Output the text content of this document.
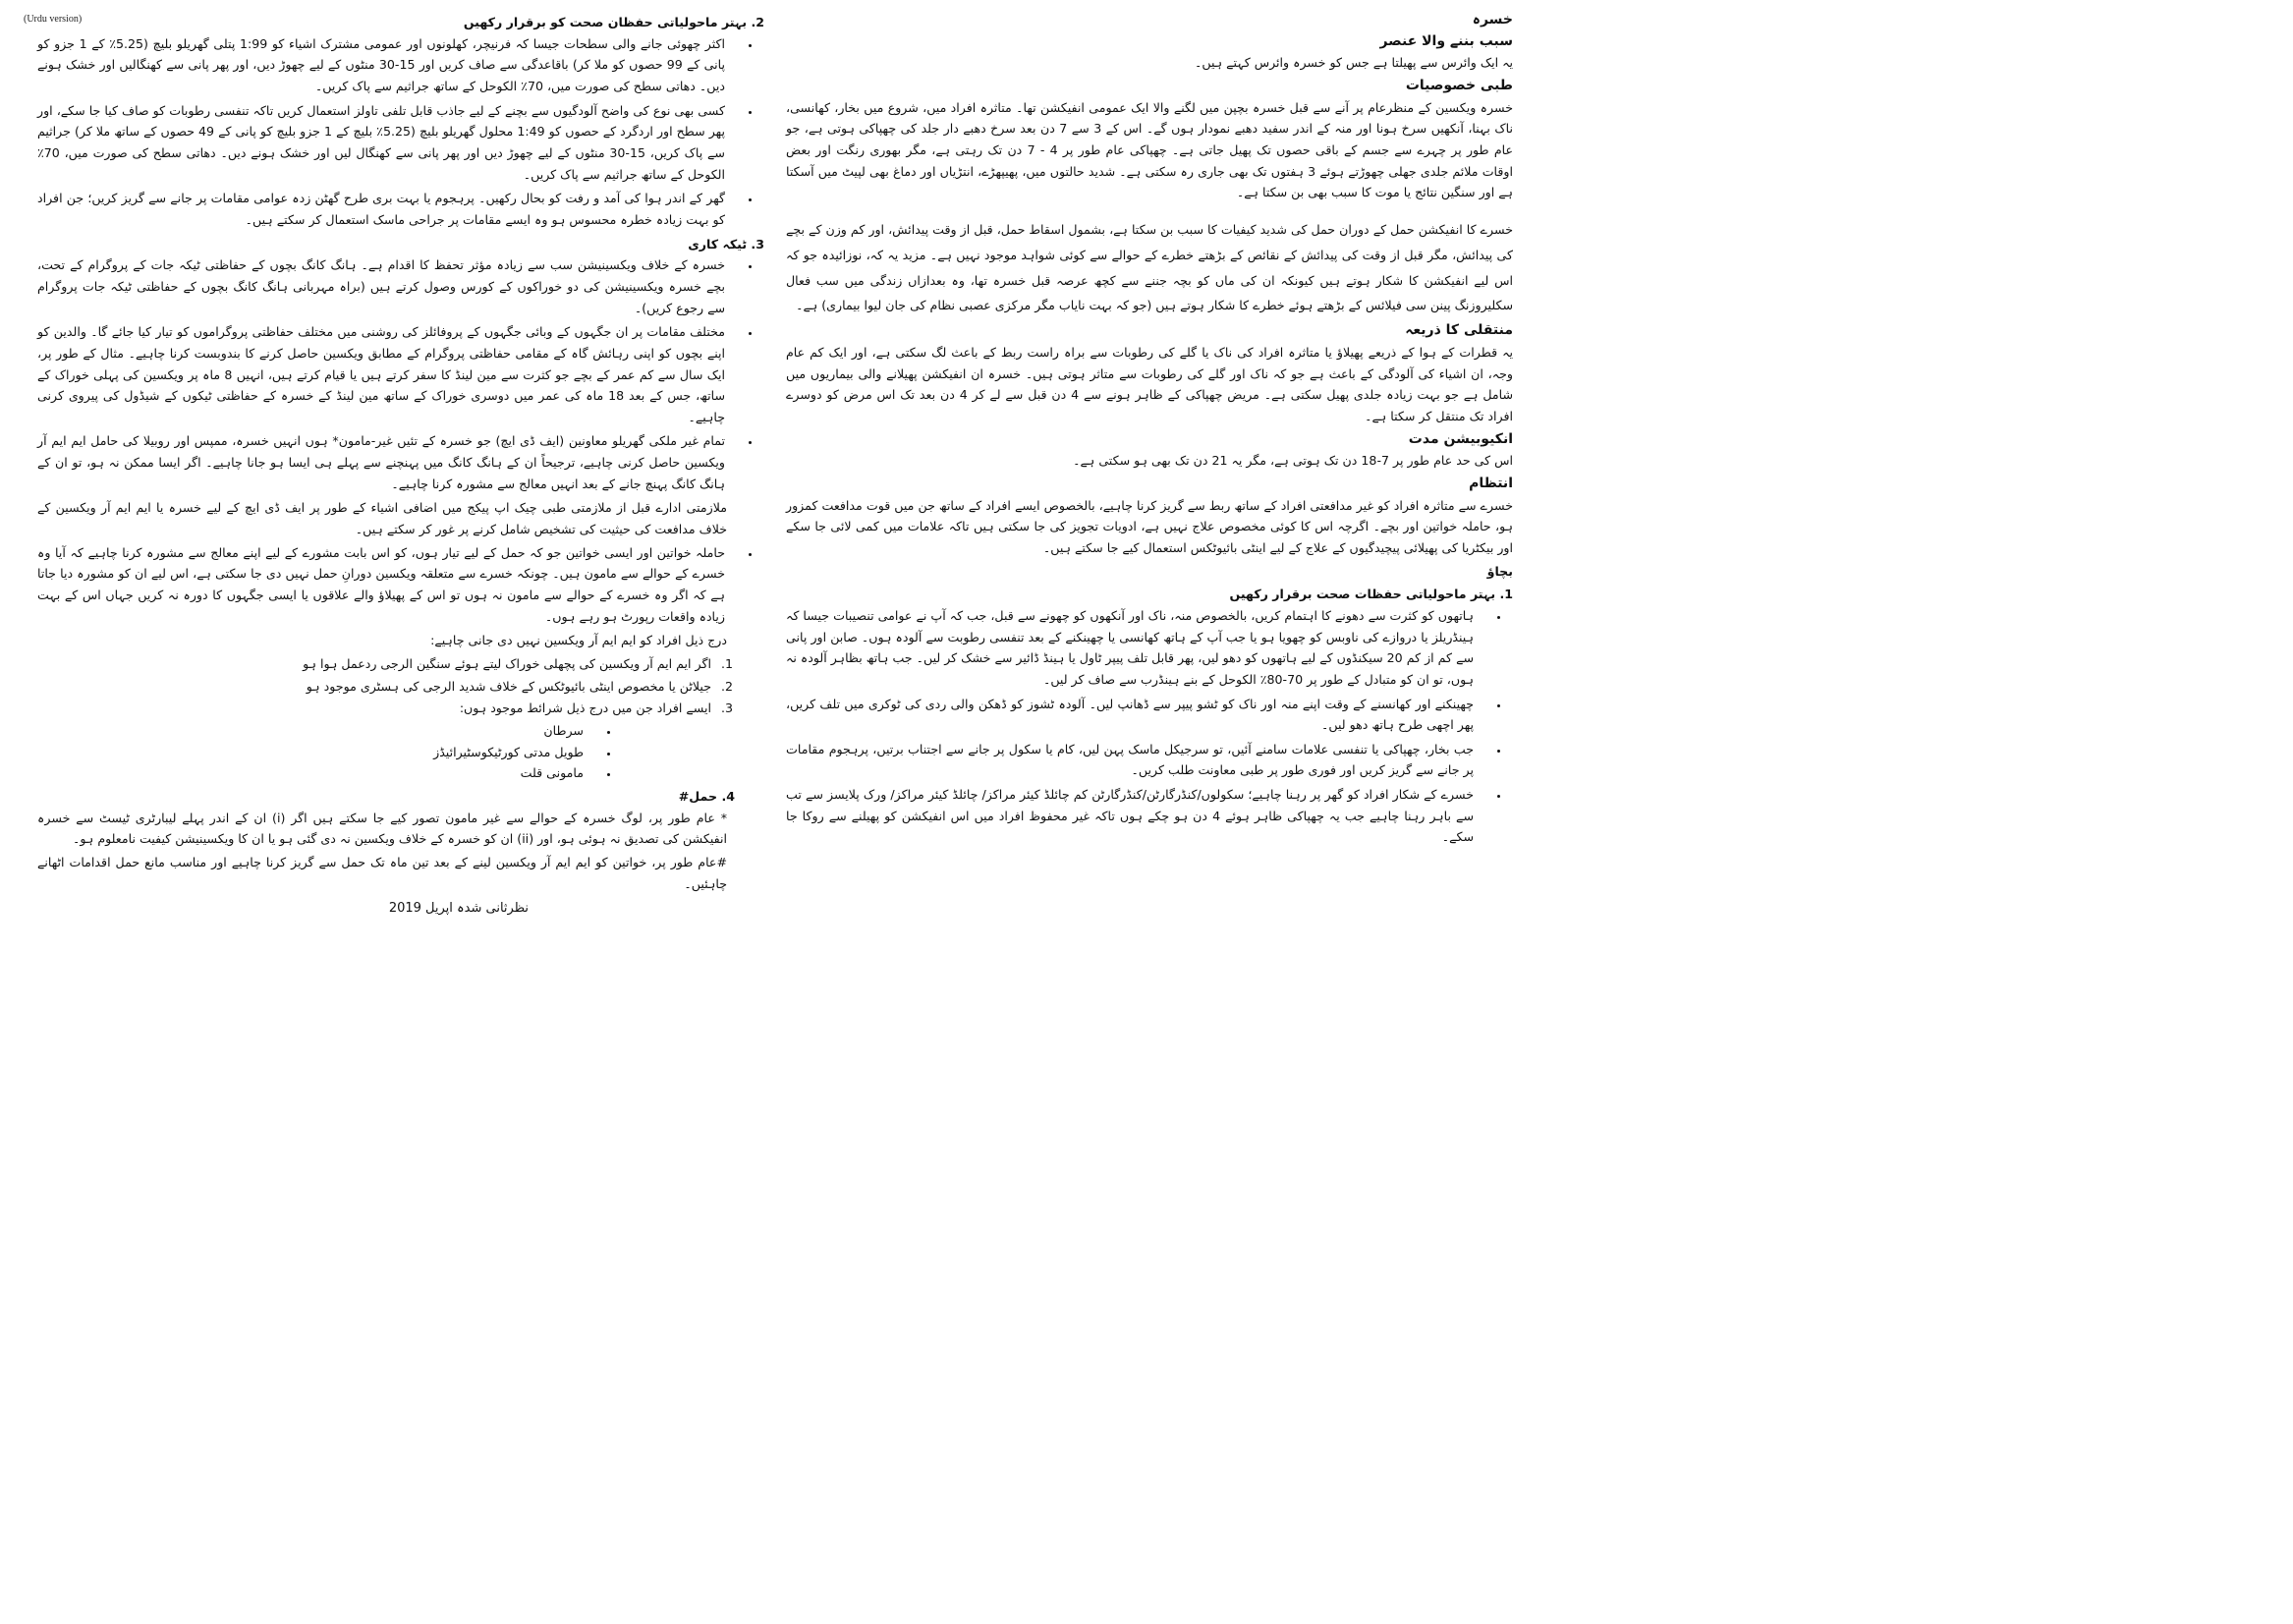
(Urdu version)	خسرہ
سبب بننے والا عنصر

یہ ایک وائرس سے پھیلتا ہے جس کو خسرہ وائرس کہتے ہیں۔

طبی خصوصیات

خسرہ ویکسین کے منظرعام پر آنے سے قبل خسرہ بچپن میں لگنے والا ایک عمومی انفیکشن تھا۔ متاثرہ افراد میں، شروع میں بخار، کھانسی، ناک بہنا، آنکھیں سرخ ہونا اور منہ کے اندر سفید دھبے نمودار ہوں گے۔ اس کے 3 سے 7 دن بعد سرخ دھبے دار جلد کی چھپاکی ہوتی ہے، جو عام طور پر چہرے سے جسم کے باقی حصوں تک پھیل جاتی ہے۔ چھپاکی عام طور پر 4 - 7 دن تک رہتی ہے، مگر بھوری رنگت اور بعض اوقات ملائم جلدی جھلی چھوڑتے ہوئے 3 ہفتوں تک بھی جاری رہ سکتی ہے۔ شدید حالتوں میں، پھیپھڑے، انتڑیاں اور دماغ بھی لپیٹ میں آسکتا ہے اور سنگین نتائج یا موت کا سبب بھی بن سکتا ہے۔

خسرے کا انفیکشن حمل کے دوران حمل کی شدید کیفیات کا سبب بن سکتا ہے، بشمول اسقاط حمل، قبل از وقت پیدائش، اور کم وزن کے بچے کی پیدائش، مگر قبل از وقت کی پیدائش کے نقائص کے بڑھتے خطرے کے حوالے سے کوئی شواہد موجود نہیں ہے۔ مزید یہ کہ، نوزائیدہ جو کہ اس لیے انفیکشن کا شکار ہوتے ہیں کیونکہ ان کی ماں کو بچہ جننے سے کچھ عرصہ قبل خسرہ تھا، وہ بعدازاں زندگی میں سب فعال سکلیروزنگ پینن سی فیلائس کے بڑھتے ہوئے خطرے کا شکار ہوتے ہیں (جو کہ بہت نایاب مگر مرکزی عصبی نظام کی جان لیوا بیماری) ہے۔

منتقلی کا ذریعہ

یہ قطرات کے ہوا کے ذریعے پھیلاؤ یا متاثرہ افراد کی ناک یا گلے کی رطوبات سے براہ راست ربط کے باعث لگ سکتی ہے، اور ایک کم عام وجہ، ان اشیاء کی آلودگی کے باعث ہے جو کہ ناک اور گلے کی رطوبات سے متاثر ہوتی ہیں۔ خسرہ ان انفیکشن پھیلانے والی بیماریوں میں شامل ہے جو بہت زیادہ جلدی پھیل سکتی ہے۔ مریض چھپاکی کے ظاہر ہونے سے 4 دن قبل سے لے کر 4 دن بعد تک اس مرض کو دوسرے افراد تک منتقل کر سکتا ہے۔

انکیوبیشن مدت

اس کی حد عام طور پر 7-18 دن تک ہوتی ہے، مگر یہ 21 دن تک بھی ہو سکتی ہے۔

انتظام

خسرے سے متاثرہ افراد کو غیر مدافعتی افراد کے ساتھ ربط سے گریز کرنا چاہیے، بالخصوص ایسے افراد کے ساتھ جن میں قوت مدافعت کمزور ہو، حاملہ خواتین اور بچے۔ اگرچہ اس کا کوئی مخصوص علاج نہیں ہے، ادویات تجویز کی جا سکتی ہیں تاکہ علامات میں کمی لائی جا سکے اور بیکٹریا کی پھیلائی پیچیدگیوں کے علاج کے لیے اینٹی بائیوٹکس استعمال کیے جا سکتے ہیں۔

بچاؤ
1. بہتر ماحولیاتی حفظات صحت برقرار رکھیں
• ہاتھوں کو کثرت سے دھونے کا اہتمام کریں، بالخصوص منہ، ناک اور آنکھوں کو چھونے سے قبل، جب کہ آپ نے عوامی تنصیبات جیسا کہ ہینڈریلز یا دروازے کی ناوبس کو چھویا ہو یا جب آپ کے ہاتھ کھانسی یا چھینکنے کے بعد تنفسی رطوبت سے آلودہ ہوں۔ صابن اور پانی سے کم از کم 20 سیکنڈوں کے لیے ہاتھوں کو دھو لیں، پھر قابل تلف پیپر ٹاول یا ہینڈ ڈائیر سے خشک کر لیں۔ جب ہاتھ بظاہر آلودہ نہ ہوں، تو ان کو متبادل کے طور پر 70-80٪ الکوحل کے بنے ہینڈرب سے صاف کر لیں۔
• چھینکنے اور کھانسنے کے وقت اپنے منہ اور ناک کو ٹشو پیپر سے ڈھانپ لیں۔ آلودہ ٹشوز کو ڈھکن والی ردی کی ٹوکری میں تلف کریں، پھر اچھی طرح ہاتھ دھو لیں۔
• جب بخار، چھپاکی یا تنفسی علامات سامنے آئیں، تو سرجیکل ماسک پہن لیں، کام یا سکول پر جانے سے اجتناب برتیں، پرہجوم مقامات پر جانے سے گریز کریں اور فوری طور پر طبی معاونت طلب کریں۔
• خسرے کے شکار افراد کو گھر پر رہنا چاہیے؛ سکولوں/کنڈرگارٹن/کنڈرگارٹن کم چائلڈ کیئر مراکز/ چائلڈ کیئر مراکز/ ورک پلایسز سے تب سے باہر رہنا چاہیے جب یہ چھپاکی ظاہر ہوئے 4 دن ہو چکے ہوں تاکہ غیر محفوظ افراد میں اس انفیکشن کو پھیلنے سے روکا جا سکے۔
2. بہتر ماحولیاتی حفظان صحت کو برقرار رکھیں
• اکثر چھوئی جانے والی سطحات جیسا کہ فرنیچر، کھلونوں اور عمومی مشترک اشیاء کو 1:99 پتلی گھریلو بلیچ (5.25٪ کے 1 جزو کو پانی کے 99 حصوں کو ملا کر) باقاعدگی سے صاف کریں اور 15-30 منٹوں کے لیے چھوڑ دیں، اور پھر پانی سے کھنگالیں اور خشک ہونے دیں۔ دھاتی سطح کی صورت میں، 70٪ الکوحل کے ساتھ جراثیم سے پاک کریں۔
• کسی بھی نوع کی واضح آلودگیوں سے بچنے کے لیے جاذب قابل تلفی تاولز استعمال کریں تاکہ تنفسی رطوبات کو صاف کیا جا سکے، اور پھر سطح اور اردگرد کے حصوں کو 1:49 محلول گھریلو بلیچ (5.25٪ بلیچ کے 1 جزو بلیچ کو پانی کے 49 حصوں کے ساتھ ملا کر) جراثیم سے پاک کریں، 15-30 منٹوں کے لیے چھوڑ دیں اور پھر پانی سے کھنگال لیں اور خشک ہونے دیں۔ دھاتی سطح کی صورت میں، 70٪ الکوحل کے ساتھ جراثیم سے پاک کریں۔
• گھر کے اندر ہوا کی آمد و رفت کو بحال رکھیں۔ پرہجوم یا بہت بری طرح گھٹن زدہ عوامی مقامات پر جانے سے گریز کریں؛ جن افراد کو بہت زیادہ خطرہ محسوس ہو وہ ایسے مقامات پر جراحی ماسک استعمال کر سکتے ہیں۔
3. ٹیکہ کاری
• خسرہ کے خلاف ویکسینیشن سب سے زیادہ مؤثر تحفظ کا اقدام ہے۔ ہانگ کانگ بچوں کے حفاظتی ٹیکہ جات کے پروگرام کے تحت، بچے خسرہ ویکسینیشن کی دو خوراکوں کے کورس وصول کرتے ہیں (براہ مہربانی ہانگ کانگ بچوں کے حفاظتی ٹیکہ جات پروگرام سے رجوع کریں)۔
• مختلف مقامات پر ان جگہوں کے وبائی جگہوں کے پروفائلز کی روشنی میں مختلف حفاظتی پروگراموں کو تیار کیا جائے گا۔ والدین کو اپنے بچوں کو اپنی رہائش گاہ کے مقامی حفاظتی پروگرام کے مطابق ویکسین حاصل کرنے کا بندوبست کرنا چاہیے۔ مثال کے طور پر، ایک سال سے کم عمر کے بچے جو کثرت سے مین لینڈ کا سفر کرتے ہیں یا قیام کرتے ہیں، انہیں 8 ماہ پر ویکسین کی پہلی خوراک کے ساتھ، جس کے بعد 18 ماہ کی عمر میں دوسری خوراک کے ساتھ مین لینڈ کے خسرہ کے حفاظتی ٹیکوں کے شیڈول کی پیروی کرنی چاہیے۔
• تمام غیر ملکی گھریلو معاونین (ایف ڈی ایچ) جو خسرہ کے تئیں غیر-مامون* ہوں انہیں خسرہ، ممپس اور روبیلا کی حامل ایم ایم آر ویکسین حاصل کرنی چاہیے، ترجیحاً ان کے ہانگ کانگ میں پہنچنے سے پہلے ہی ایسا ہو جانا چاہیے۔ اگر ایسا ممکن نہ ہو، تو ان کے ہانگ کانگ پہنچ جانے کے بعد انہیں معالج سے مشورہ کرنا چاہیے۔

ملازمتی ادارے قبل از ملازمتی طبی چیک اپ پیکج میں اضافی اشیاء کے طور پر ایف ڈی ایچ کے لیے خسرہ یا ایم ایم آر ویکسین کے خلاف مدافعت کی حیثیت کی تشخیص شامل کرنے پر غور کر سکتے ہیں۔

• حاملہ خواتین اور ایسی خواتین جو کہ حمل کے لیے تیار ہوں، کو اس بابت مشورے کے لیے اپنے معالج سے مشورہ کرنا چاہیے کہ آیا وہ خسرے کے حوالے سے مامون ہیں۔ چونکہ خسرے سے متعلقہ ویکسین دورانِ حمل نہیں دی جا سکتی ہے، اس لیے ان کو مشورہ دیا جاتا ہے کہ اگر وہ خسرے کے حوالے سے مامون نہ ہوں تو اس کے پھیلاؤ والے علاقوں یا ایسی جگہوں کا دورہ نہ کریں جہاں اس کے بہت زیادہ واقعات رپورٹ ہو رہے ہوں۔

درج ذیل افراد کو ایم ایم آر ویکسین نہیں دی جانی چاہیے:

1. اگر ایم ایم آر ویکسین کی پچھلی خوراک لیتے ہوئے سنگین الرجی ردعمل ہوا ہو
2. جیلاٹن یا مخصوص اینٹی بائیوٹکس کے خلاف شدید الرجی کی ہسٹری موجود ہو
3. ایسے افراد جن میں درج ذیل شرائط موجود ہوں:
• سرطان
• طویل مدتی کورٹیکوسٹیرائیڈز
• مامونی قلت
4. حمل#

* عام طور پر، لوگ خسرہ کے حوالے سے غیر مامون تصور کیے جا سکتے ہیں اگر (i) ان کے اندر پہلے لیبارٹری ٹیسٹ سے خسرہ انفیکشن کی تصدیق نہ ہوئی ہو، اور (ii) ان کو خسرہ کے خلاف ویکسین نہ دی گئی ہو یا ان کا ویکسینیشن کیفیت نامعلوم ہو۔

#عام طور پر، خواتین کو ایم ایم آر ویکسین لینے کے بعد تین ماہ تک حمل سے گریز کرنا چاہیے اور مناسب مانع حمل اقدامات اٹھانے چاہئیں۔

نظرثانی شدہ اپریل 2019
